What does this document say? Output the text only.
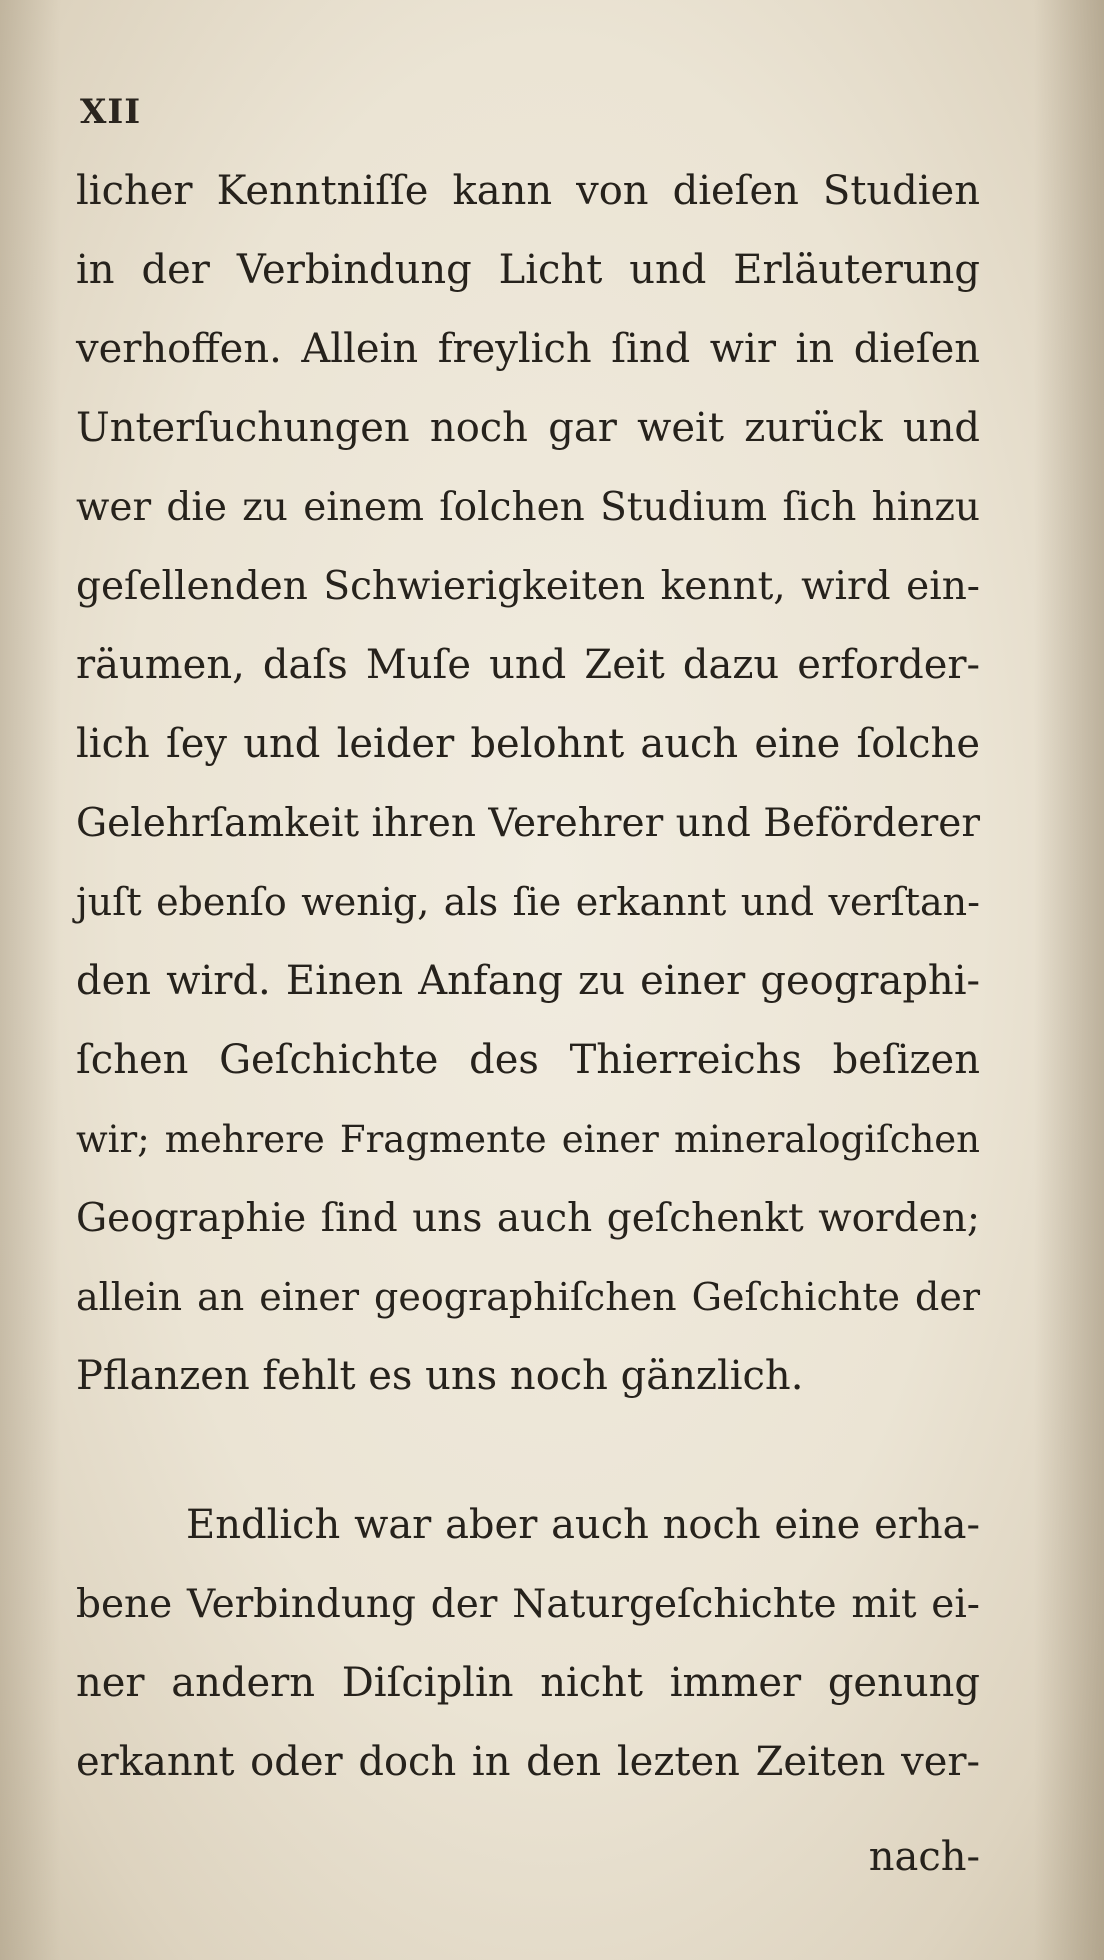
XII

licher Kenntniſſe kann von dieſen Studien
in der Verbindung Licht und Erläuterung
verhoffen. Allein freylich ſind wir in dieſen
Unterſuchungen noch gar weit zurück und
wer die zu einem ſolchen Studium ſich hinzu
geſellenden Schwierigkeiten kennt, wird ein-
räumen, daſs Muſe und Zeit dazu erforder-
lich ſey und leider belohnt auch eine ſolche
Gelehrſamkeit ihren Verehrer und Beförderer
juſt ebenſo wenig, als ſie erkannt und verſtan-
den wird. Einen Anfang zu einer geographi-
ſchen Geſchichte des Thierreichs beſizen
wir; mehrere Fragmente einer mineralogiſchen
Geographie ſind uns auch geſchenkt worden;
allein an einer geographiſchen Geſchichte der
Pflanzen fehlt es uns noch gänzlich.
Endlich war aber auch noch eine erha-
bene Verbindung der Naturgeſchichte mit ei-
ner andern Diſciplin nicht immer genung
erkannt oder doch in den lezten Zeiten ver-

nach-
